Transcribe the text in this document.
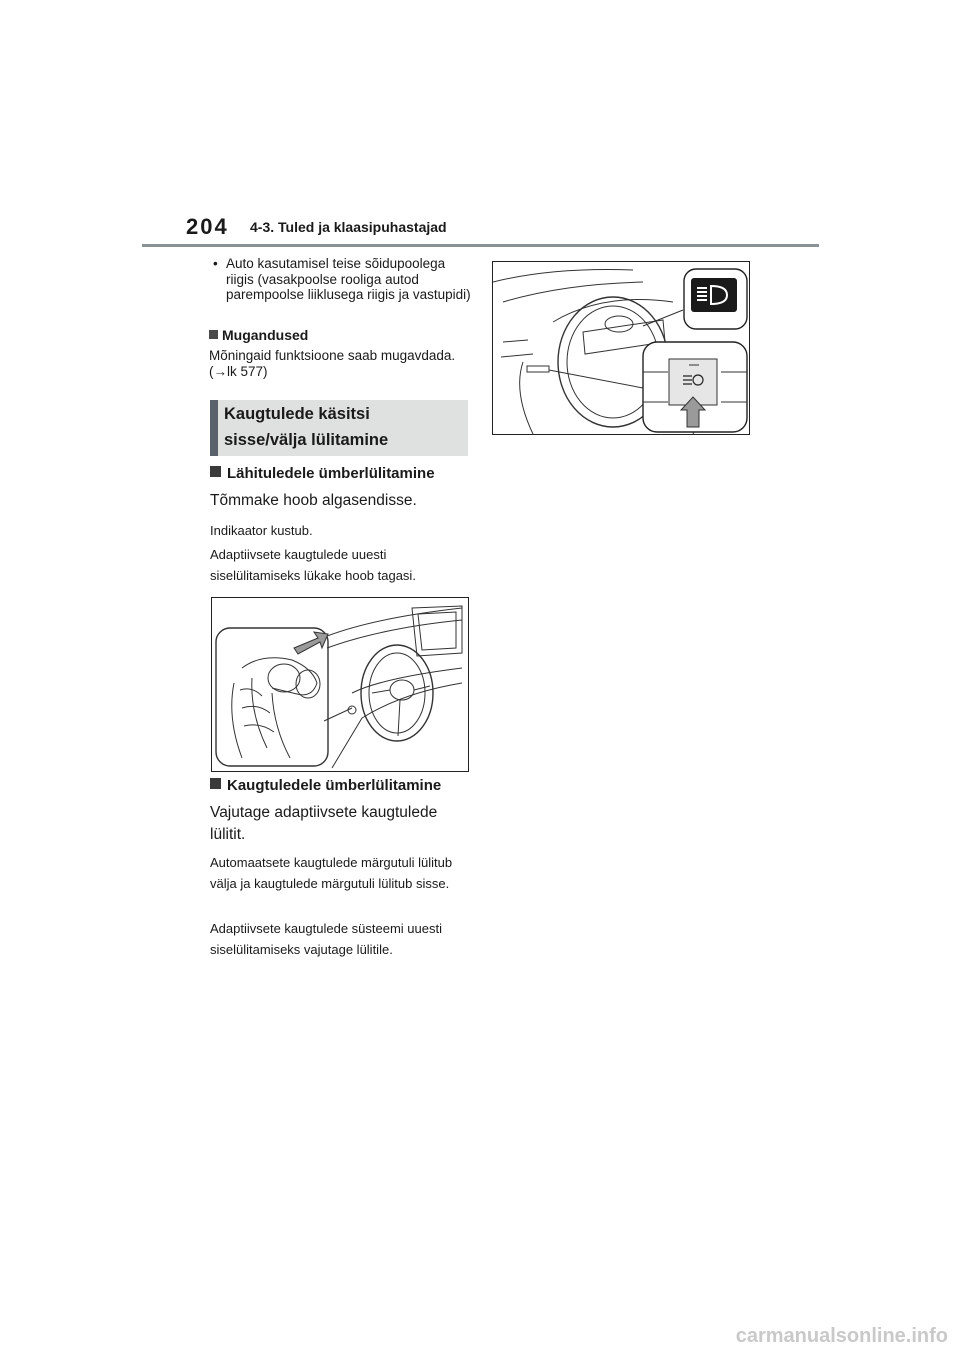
204 4-3. Tuled ja klaasipuhastajad
• Auto kasutamisel teise sõidupoolega riigis (vasakpoolse rooliga autod parempoolse liiklusega riigis ja vastupidi)
Mugandused
Mõningaid funktsioone saab mugavdada. (→lk 577)
Kaugtulede käsitsi
sisse/välja lülitamine
Lähituledele ümberlülitamine
Tõmmake hoob algasendisse.
Indikaator kustub.
Adaptiivsete kaugtulede uuesti siselülitamiseks lükake hoob tagasi.
Kaugtuledele ümberlülitamine
Vajutage adaptiivsete kaugtulede lülitit.
Automaatsete kaugtulede märgutuli lülitub välja ja kaugtulede märgutuli lülitub sisse.
Adaptiivsete kaugtulede süsteemi uuesti siselülitamiseks vajutage lülitile.
carmanualsonline.info
